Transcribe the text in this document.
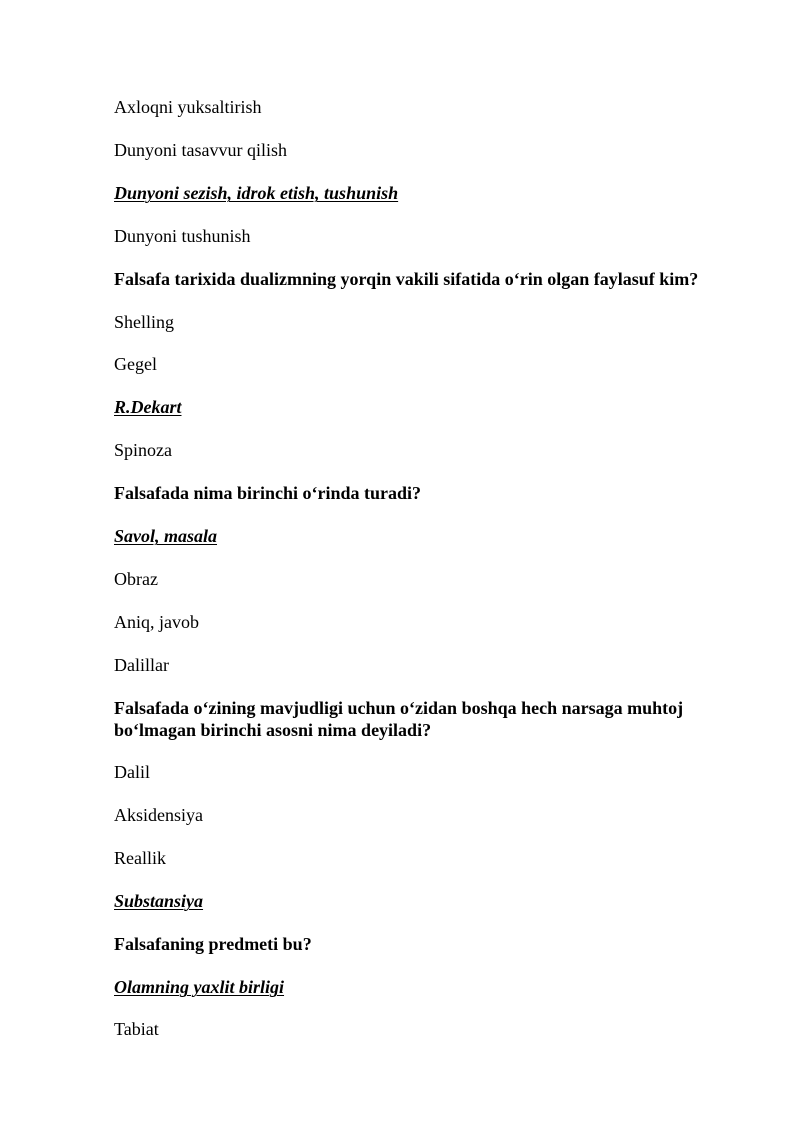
Axloqni yuksaltirish
Dunyoni tasavvur qilish
Dunyoni sezish, idrok etish, tushunish
Dunyoni tushunish
Falsafa tarixida dualizmning yorqin vakili sifatida o‘rin olgan faylasuf kim?
Shelling
Gegel
R.Dekart
Spinoza
Falsafada nima birinchi o‘rinda turadi?
Savol, masala
Obraz
Aniq, javob
Dalillar
Falsafada o‘zining mavjudligi uchun o‘zidan boshqa hech narsaga muhtoj bo‘lmagan birinchi asosni nima deyiladi?
Dalil
Aksidensiya
Reallik
Substansiya
Falsafaning predmeti bu?
Olamning yaxlit birligi
Tabiat
